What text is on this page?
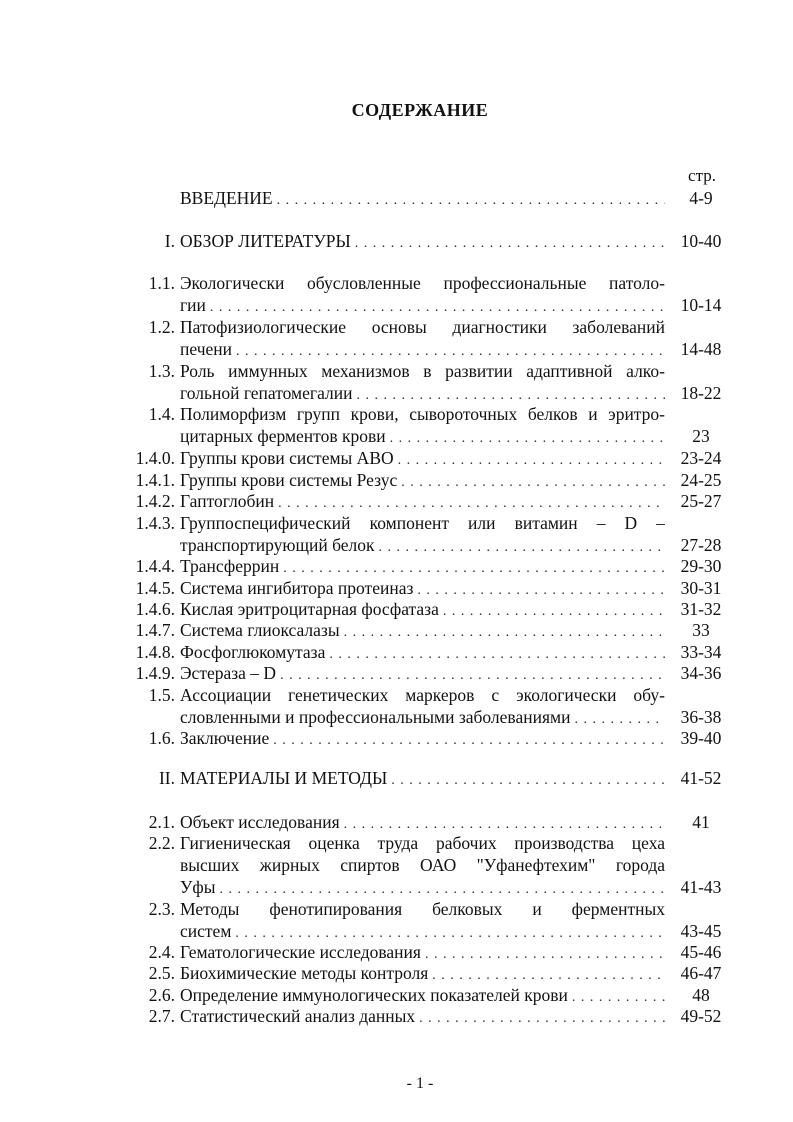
СОДЕРЖАНИЕ
стр.
ВВЕДЕНИЕ . . .	4-9
I. ОБЗОР ЛИТЕРАТУРЫ . . .	10-40
1.1. Экологически обусловленные профессиональные патоло-
гии . . .	10-14
1.2. Патофизиологические основы диагностики заболеваний
печени . . .	14-48
1.3. Роль иммунных механизмов в развитии адаптивной алко-
гольной гепатомегалии . . .	18-22
1.4. Полиморфизм групп крови, сывороточных белков и эритро-
цитарных ферментов крови . . .	23
1.4.0. Группы крови системы АВО . . .	23-24
1.4.1. Группы крови системы Резус . . .	24-25
1.4.2. Гаптоглобин . . .	25-27
1.4.3. Группоспецифический компонент или витамин – D –
транспортирующий белок . . .	27-28
1.4.4. Трансферрин . . .	29-30
1.4.5. Система ингибитора протеиназ . . .	30-31
1.4.6. Кислая эритроцитарная фосфатаза . . .	31-32
1.4.7. Система глиоксалазы . . .	33
1.4.8. Фосфоглюкомутаза . . .	33-34
1.4.9. Эстераза – D . . .	34-36
1.5. Ассоциации генетических маркеров с экологически обу-
словленными и профессиональными заболеваниями . . .	36-38
1.6. Заключение . . .	39-40
II. МАТЕРИАЛЫ И МЕТОДЫ . . .	41-52
2.1. Объект исследования . . .	41
2.2. Гигиеническая оценка труда рабочих производства цеха
высших жирных спиртов ОАО "Уфанефтехим" города
Уфы . . .	41-43
2.3. Методы фенотипирования белковых и ферментных
систем . . .	43-45
2.4. Гематологические исследования . . .	45-46
2.5. Биохимические методы контроля . . .	46-47
2.6. Определение иммунологических показателей крови . . .	48
2.7. Статистический анализ данных . . .	49-52
- 1 -
